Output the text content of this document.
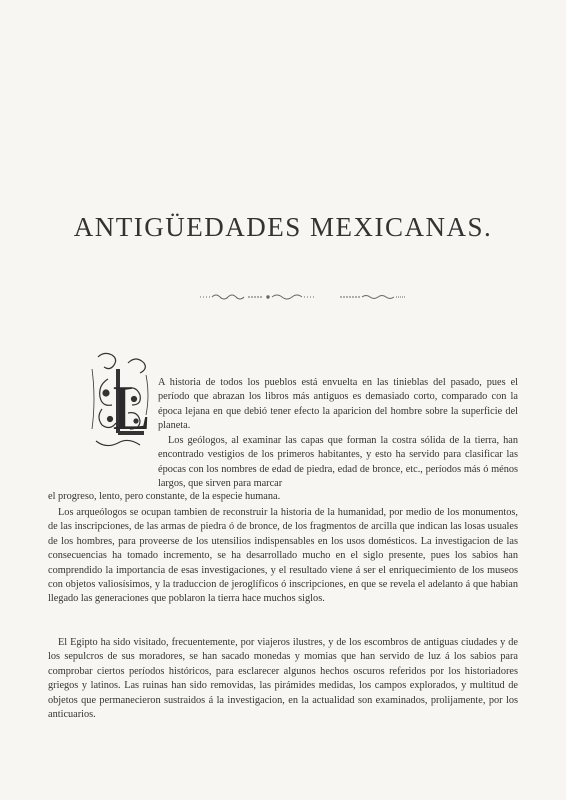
ANTIGÜEDADES MEXICANAS.
L A historia de todos los pueblos está envuelta en las tinieblas del pasado, pues el período que abrazan los libros más antiguos es demasiado corto, comparado con la época lejana en que debió tener efecto la aparicion del hombre sobre la superficie del planeta.

Los geólogos, al examinar las capas que forman la costra sólida de la tierra, han encontrado vestigios de los primeros habitantes, y esto ha servido para clasificar las épocas con los nombres de edad de piedra, edad de bronce, etc., períodos más ó ménos largos, que sirven para marcar

el progreso, lento, pero constante, de la especie humana.

Los arqueólogos se ocupan tambien de reconstruir la historia de la humanidad, por medio de los monumentos, de las inscripciones, de las armas de piedra ó de bronce, de los fragmentos de arcilla que indican las losas usuales de los hombres, para proveerse de los utensilios indispensables en los usos domésticos. La investigacion de las consecuencias ha tomado incremento, se ha desarrollado mucho en el siglo presente, pues los sabios han comprendido la importancia de esas investigaciones, y el resultado viene á ser el enriquecimiento de los museos con objetos valiosísimos, y la traduccion de jeroglíficos ó inscripciones, en que se revela el adelanto á que habian llegado las generaciones que poblaron la tierra hace muchos siglos.

El Egipto ha sido visitado, frecuentemente, por viajeros ilustres, y de los escombros de antiguas ciudades y de los sepulcros de sus moradores, se han sacado monedas y momias que han servido de luz á los sabios para comprobar ciertos períodos históricos, para esclarecer algunos hechos oscuros referidos por los historiadores griegos y latinos. Las ruinas han sido removidas, las pirámides medidas, los campos explorados, y multitud de objetos que permanecieron sustraidos á la investigacion, en la actualidad son examinados, prolijamente, por los anticuarios.
